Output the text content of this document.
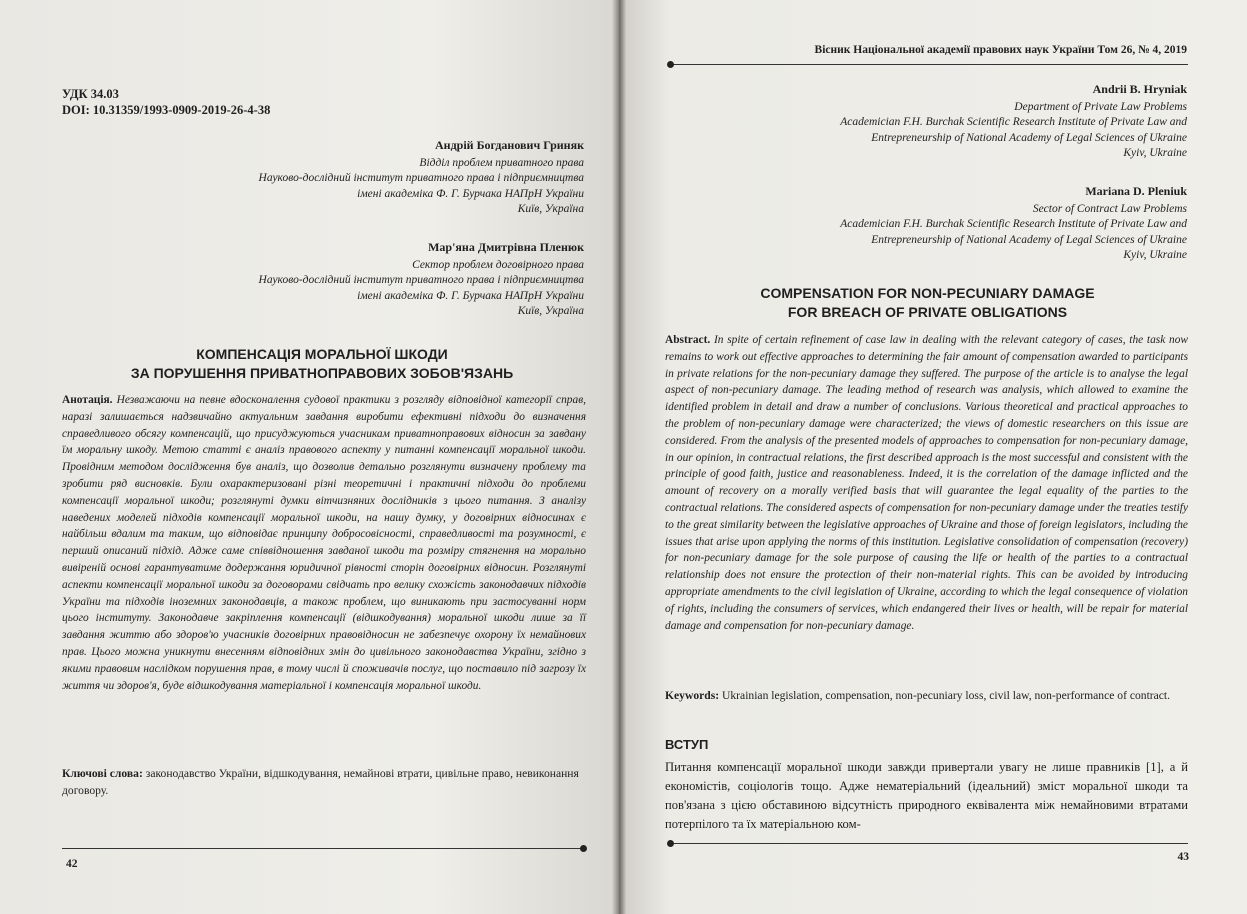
УДК 34.03
DOI: 10.31359/1993-0909-2019-26-4-38
Андрій Богданович Гриняк
Відділ проблем приватного права
Науково-дослідний інститут приватного права і підприємництва
імені академіка Ф. Г. Бурчака НАПрН України
Київ, Україна
Мар'яна Дмитрівна Пленюк
Сектор проблем договірного права
Науково-дослідний інститут приватного права і підприємництва
імені академіка Ф. Г. Бурчака НАПрН України
Київ, Україна
КОМПЕНСАЦІЯ МОРАЛЬНОЇ ШКОДИ
ЗА ПОРУШЕННЯ ПРИВАТНОПРАВОВИХ ЗОБОВ'ЯЗАНЬ
Анотація. Незважаючи на певне вдосконалення судової практики з розгляду відповідної категорії справ, наразі залишається надзвичайно актуальним завдання виробити ефективні підходи до визначення справедливого обсягу компенсацій, що присуджуються учасникам приватноправових відносин за завдану їм моральну шкоду. Метою статті є аналіз правового аспекту у питанні компенсації моральної шкоди. Провідним методом дослідження був аналіз, що дозволив детально розглянути визначену проблему та зробити ряд висновків. Були охарактеризовані різні теоретичні і практичні підходи до проблеми компенсації моральної шкоди; розглянуті думки вітчизняних дослідників з цього питання. З аналізу наведених моделей підходів компенсації моральної шкоди, на нашу думку, у договірних відносинах є найбільш вдалим та таким, що відповідає принципу добросовісності, справедливості та розумності, є перший описаний підхід. Адже саме співвідношення завданої шкоди та розміру стягнення на морально вивіреній основі гарантуватиме додержання юридичної рівності сторін договірних відносин. Розглянуті аспекти компенсації моральної шкоди за договорами свідчать про велику схожість законодавчих підходів України та підходів іноземних законодавців, а також проблем, що виникають при застосуванні норм цього інституту. Законодавче закріплення компенсації (відшкодування) моральної шкоди лише за її завдання життю або здоров'ю учасників договірних правовідносин не забезпечує охорону їх немайнових прав. Цього можна уникнути внесенням відповідних змін до цивільного законодавства України, згідно з якими правовим наслідком порушення прав, в тому числі й споживачів послуг, що поставило під загрозу їх життя чи здоров'я, буде відшкодування матеріальної і компенсація моральної шкоди.
Ключові слова: законодавство України, відшкодування, немайнові втрати, цивільне право, невиконання договору.
42
Вісник Національної академії правових наук України Том 26, № 4, 2019
Andrii B. Hryniak
Department of Private Law Problems
Academician F.H. Burchak Scientific Research Institute of Private Law and
Entrepreneurship of National Academy of Legal Sciences of Ukraine
Kyiv, Ukraine
Mariana D. Pleniuk
Sector of Contract Law Problems
Academician F.H. Burchak Scientific Research Institute of Private Law and
Entrepreneurship of National Academy of Legal Sciences of Ukraine
Kyiv, Ukraine
COMPENSATION FOR NON-PECUNIARY DAMAGE
FOR BREACH OF PRIVATE OBLIGATIONS
Abstract. In spite of certain refinement of case law in dealing with the relevant category of cases, the task now remains to work out effective approaches to determining the fair amount of compensation awarded to participants in private relations for the non-pecuniary damage they suffered. The purpose of the article is to analyse the legal aspect of non-pecuniary damage. The leading method of research was analysis, which allowed to examine the identified problem in detail and draw a number of conclusions. Various theoretical and practical approaches to the problem of non-pecuniary damage were characterized; the views of domestic researchers on this issue are considered. From the analysis of the presented models of approaches to compensation for non-pecuniary damage, in our opinion, in contractual relations, the first described approach is the most successful and consistent with the principle of good faith, justice and reasonableness. Indeed, it is the correlation of the damage inflicted and the amount of recovery on a morally verified basis that will guarantee the legal equality of the parties to the contractual relations. The considered aspects of compensation for non-pecuniary damage under the treaties testify to the great similarity between the legislative approaches of Ukraine and those of foreign legislators, including the issues that arise upon applying the norms of this institution. Legislative consolidation of compensation (recovery) for non-pecuniary damage for the sole purpose of causing the life or health of the parties to a contractual relationship does not ensure the protection of their non-material rights. This can be avoided by introducing appropriate amendments to the civil legislation of Ukraine, according to which the legal consequence of violation of rights, including the consumers of services, which endangered their lives or health, will be repair for material damage and compensation for non-pecuniary damage.
Keywords: Ukrainian legislation, compensation, non-pecuniary loss, civil law, non-performance of contract.
ВСТУП
Питання компенсації моральної шкоди завжди привертали увагу не лише правників [1], а й економістів, соціологів тощо. Адже нематеріальний (ідеальний) зміст моральної шкоди та пов'язана з цією обставиною відсутність природного еквівалента між немайновими втратами потерпілого та їх матеріальною ком-
43
